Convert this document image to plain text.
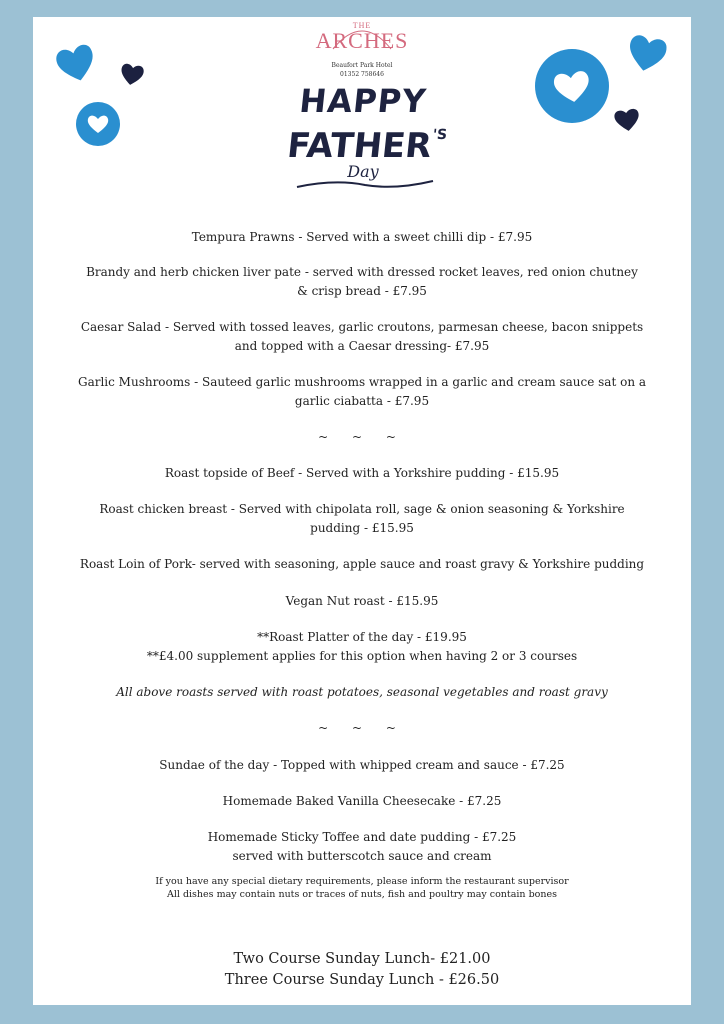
THE
ARCHES
Beaufort Park Hotel
01352 758646
HAPPY
$FATHER^{'S}$
Day
Tempura Prawns - Served with a sweet chilli dip - £7.95
Brandy and herb chicken liver pate - served with dressed rocket leaves, red onion chutney
& crisp bread - £7.95
Caesar Salad - Served with tossed leaves, garlic croutons, parmesan cheese, bacon snippets
and topped with a Caesar dressing- £7.95
Garlic Mushrooms - Sauteed garlic mushrooms wrapped in a garlic and cream sauce sat on a
garlic ciabatta - £7.95
~ ~ ~
Roast topside of Beef - Served with a Yorkshire pudding - £15.95
Roast chicken breast - Served with chipolata roll, sage & onion seasoning & Yorkshire
pudding - £15.95
Roast Loin of Pork- served with seasoning, apple sauce and roast gravy & Yorkshire pudding
Vegan Nut roast - £15.95
**Roast Platter of the day - £19.95
**£4.00 supplement applies for this option when having 2 or 3 courses
All above roasts served with roast potatoes, seasonal vegetables and roast gravy
~ ~ ~
Sundae of the day - Topped with whipped cream and sauce - £7.25
Homemade Baked Vanilla Cheesecake - £7.25
Homemade Sticky Toffee and date pudding - £7.25
served with butterscotch sauce and cream
If you have any special dietary requirements, please inform the restaurant supervisor
All dishes may contain nuts or traces of nuts, fish and poultry may contain bones
Two Course Sunday Lunch- £21.00
Three Course Sunday Lunch - £26.50
